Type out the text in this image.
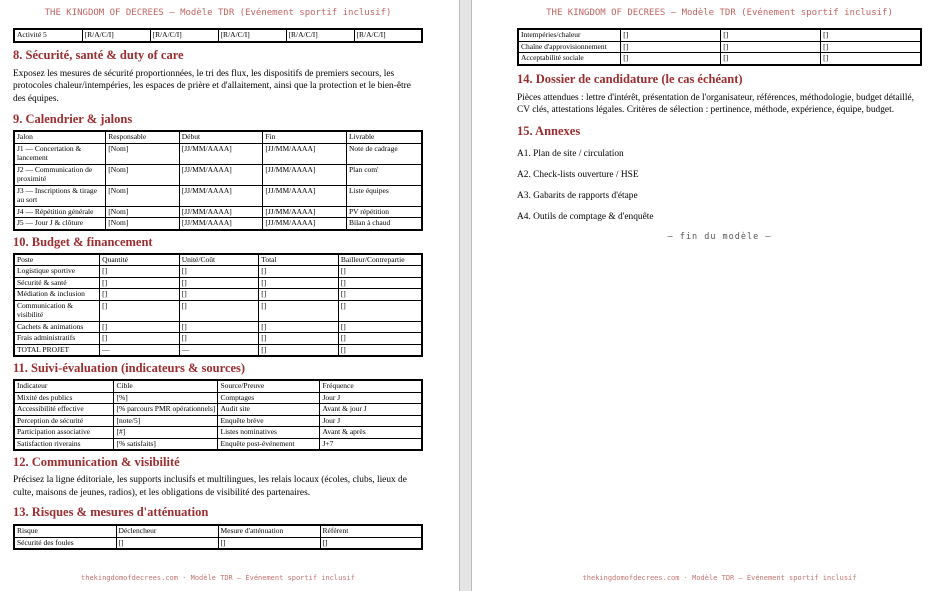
THE KINGDOM OF DECREES — Modèle TDR (Evénement sportif inclusif)
Activité 5	[R/A/C/I]	[R/A/C/I]	[R/A/C/I]	[R/A/C/I]	[R/A/C/I]
8. Sécurité, santé & duty of care

Exposez les mesures de sécurité proportionnées, le tri des flux, les dispositifs de premiers secours, les protocoles chaleur/intempéries, les espaces de prière et d'allaitement, ainsi que la protection et le bien-être des équipes.

9. Calendrier & jalons
Jalon	Responsable	Début	Fin	Livrable
J1 — Concertation & lancement	[Nom]	[JJ/MM/AAAA]	[JJ/MM/AAAA]	Note de cadrage
J2 — Communication de proximité	[Nom]	[JJ/MM/AAAA]	[JJ/MM/AAAA]	Plan com'
J3 — Inscriptions & tirage au sort	[Nom]	[JJ/MM/AAAA]	[JJ/MM/AAAA]	Liste équipes
J4 — Répétition générale	[Nom]	[JJ/MM/AAAA]	[JJ/MM/AAAA]	PV répétition
J5 — Jour J & clôture	[Nom]	[JJ/MM/AAAA]	[JJ/MM/AAAA]	Bilan à chaud
10. Budget & financement
Poste	Quantité	Unité/Coût	Total	Bailleur/Contrepartie
Logistique sportive	[]	[]	[]	[]
Sécurité & santé	[]	[]	[]	[]
Médiation & inclusion	[]	[]	[]	[]
Communication & visibilité	[]	[]	[]	[]
Cachets & animations	[]	[]	[]	[]
Frais administratifs	[]	[]	[]	[]
TOTAL PROJET	—	—	[]	[]
11. Suivi-évaluation (indicateurs & sources)
Indicateur	Cible	Source/Preuve	Fréquence
Mixité des publics	[%]	Comptages	Jour J
Accessibilité effective	[% parcours PMR opérationnels]	Audit site	Avant & jour J
Perception de sécurité	[note/5]	Enquête brève	Jour J
Participation associative	[#]	Listes nominatives	Avant & après
Satisfaction riverains	[% satisfaits]	Enquête post-événement	J+7
12. Communication & visibilité

Précisez la ligne éditoriale, les supports inclusifs et multilingues, les relais locaux (écoles, clubs, lieux de culte, maisons de jeunes, radios), et les obligations de visibilité des partenaires.

13. Risques & mesures d'atténuation
Risque	Déclencheur	Mesure d'atténuation	Référent
Sécurité des foules	[]	[]	[]
thekingdomofdecrees.com · Modèle TDR — Événement sportif inclusif
THE KINGDOM OF DECREES — Modèle TDR (Evénement sportif inclusif)
Intempéries/chaleur	[]	[]	[]
Chaîne d'approvisionnement	[]	[]	[]
Acceptabilité sociale	[]	[]	[]
14. Dossier de candidature (le cas échéant)

Pièces attendues : lettre d'intérêt, présentation de l'organisateur, références, méthodologie, budget détaillé, CV clés, attestations légales. Critères de sélection : pertinence, méthode, expérience, équipe, budget.

15. Annexes

A1. Plan de site / circulation

A2. Check-lists ouverture / HSE

A3. Gabarits de rapports d'étape

A4. Outils de comptage & d'enquête

— fin du modèle —
thekingdomofdecrees.com · Modèle TDR — Événement sportif inclusif
